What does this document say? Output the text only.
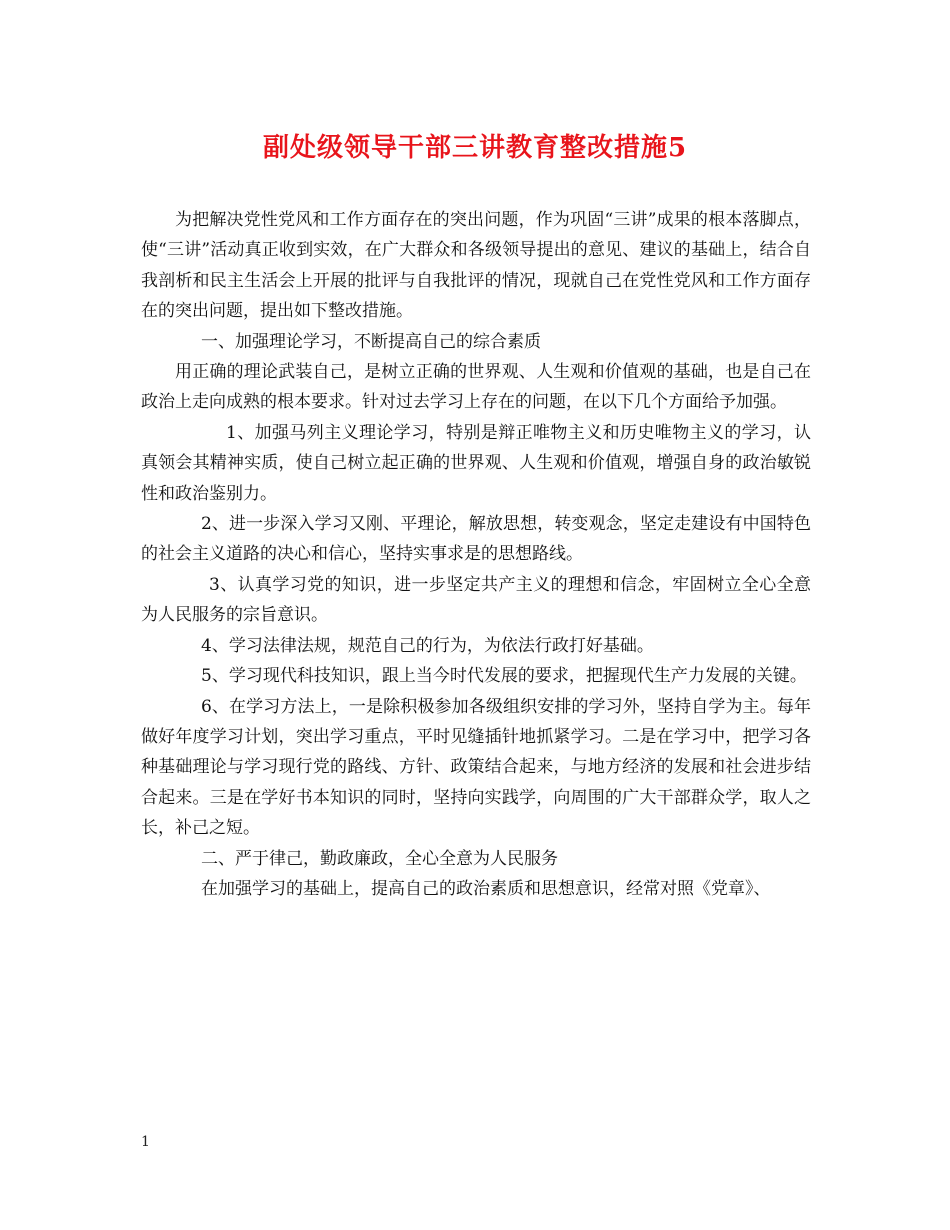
副处级领导干部三讲教育整改措施5

为把解决党性党风和工作方面存在的突出问题，作为巩固“三讲”成果的根本落脚点，使“三讲”活动真正收到实效，在广大群众和各级领导提出的意见、建议的基础上，结合自我剖析和民主生活会上开展的批评与自我批评的情况，现就自己在党性党风和工作方面存在的突出问题，提出如下整改措施。

一、加强理论学习，不断提高自己的综合素质

用正确的理论武装自己，是树立正确的世界观、人生观和价值观的基础，也是自己在政治上走向成熟的根本要求。针对过去学习上存在的问题，在以下几个方面给予加强。

1、加强马列主义理论学习，特别是辩正唯物主义和历史唯物主义的学习，认真领会其精神实质，使自己树立起正确的世界观、人生观和价值观，增强自身的政治敏锐性和政治鉴别力。

2、进一步深入学习又刚、平理论，解放思想，转变观念，坚定走建设有中国特色的社会主义道路的决心和信心，坚持实事求是的思想路线。

3、认真学习党的知识，进一步坚定共产主义的理想和信念，牢固树立全心全意为人民服务的宗旨意识。

4、学习法律法规，规范自己的行为，为依法行政打好基础。

5、学习现代科技知识，跟上当今时代发展的要求，把握现代生产力发展的关键。

6、在学习方法上，一是除积极参加各级组织安排的学习外，坚持自学为主。每年做好年度学习计划，突出学习重点，平时见缝插针地抓紧学习。二是在学习中，把学习各种基础理论与学习现行党的路线、方针、政策结合起来，与地方经济的发展和社会进步结合起来。三是在学好书本知识的同时，坚持向实践学，向周围的广大干部群众学，取人之长，补己之短。

二、严于律己，勤政廉政，全心全意为人民服务

在加强学习的基础上，提高自己的政治素质和思想意识，经常对照《党章》、

1
